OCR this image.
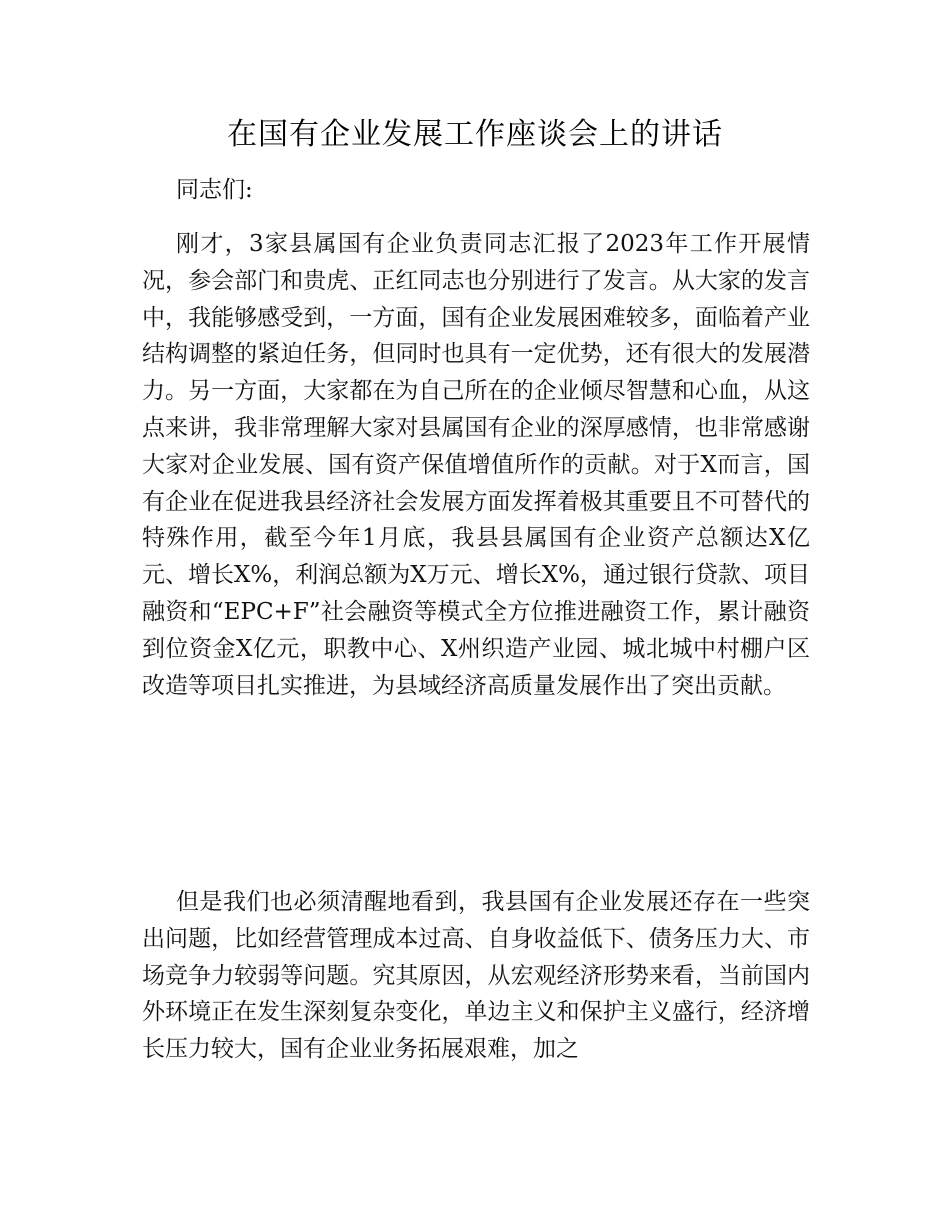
在国有企业发展工作座谈会上的讲话
同志们:
刚才，3家县属国有企业负责同志汇报了2023年工作开展情况，参会部门和贵虎、正红同志也分别进行了发言。从大家的发言中，我能够感受到，一方面，国有企业发展困难较多，面临着产业结构调整的紧迫任务，但同时也具有一定优势，还有很大的发展潜力。另一方面，大家都在为自己所在的企业倾尽智慧和心血，从这点来讲，我非常理解大家对县属国有企业的深厚感情，也非常感谢大家对企业发展、国有资产保值增值所作的贡献。对于X而言，国有企业在促进我县经济社会发展方面发挥着极其重要且不可替代的特殊作用，截至今年1月底，我县县属国有企业资产总额达X亿元、增长X%，利润总额为X万元、增长X%，通过银行贷款、项目融资和“EPC+F”社会融资等模式全方位推进融资工作，累计融资到位资金X亿元，职教中心、X州织造产业园、城北城中村棚户区改造等项目扎实推进，为县域经济高质量发展作出了突出贡献。
但是我们也必须清醒地看到，我县国有企业发展还存在一些突出问题，比如经营管理成本过高、自身收益低下、债务压力大、市场竞争力较弱等问题。究其原因，从宏观经济形势来看，当前国内外环境正在发生深刻复杂变化，单边主义和保护主义盛行，经济增长压力较大，国有企业业务拓展艰难，加之
